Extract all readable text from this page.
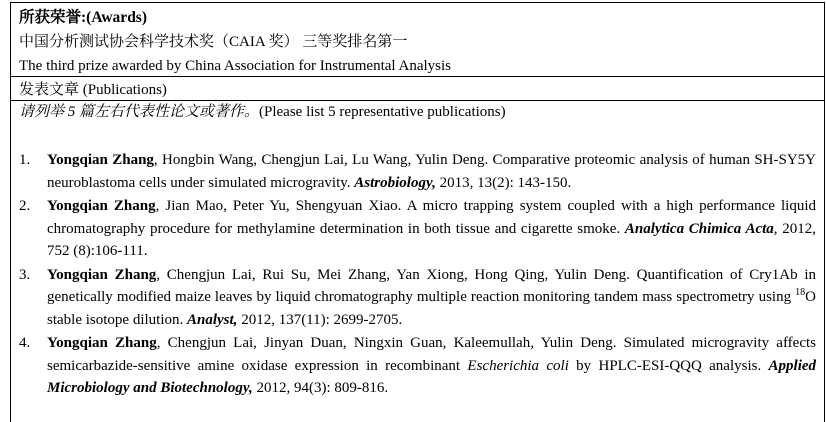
所获荣誉:(Awards)
中国分析测试协会科学技术奖（CAIA 奖） 三等奖排名第一
The third prize awarded by China Association for Instrumental Analysis
发表文章 (Publications)
请列举 5 篇左右代表性论文或著作。(Please list 5 representative publications)
1.	Yongqian Zhang, Hongbin Wang, Chengjun Lai, Lu Wang, Yulin Deng. Comparative proteomic analysis of human SH-SY5Y neuroblastoma cells under simulated microgravity. Astrobiology, 2013, 13(2): 143-150.
2.	Yongqian Zhang, Jian Mao, Peter Yu, Shengyuan Xiao. A micro trapping system coupled with a high performance liquid chromatography procedure for methylamine determination in both tissue and cigarette smoke. Analytica Chimica Acta, 2012, 752 (8):106-111.
3.	Yongqian Zhang, Chengjun Lai, Rui Su, Mei Zhang, Yan Xiong, Hong Qing, Yulin Deng. Quantification of Cry1Ab in genetically modified maize leaves by liquid chromatography multiple reaction monitoring tandem mass spectrometry using $^{18}$O stable isotope dilution. Analyst, 2012, 137(11): 2699-2705.
4.	Yongqian Zhang, Chengjun Lai, Jinyan Duan, Ningxin Guan, Kaleemullah, Yulin Deng. Simulated microgravity affects semicarbazide-sensitive amine oxidase expression in recombinant Escherichia coli by HPLC-ESI-QQQ analysis. Applied Microbiology and Biotechnology, 2012, 94(3): 809-816.
